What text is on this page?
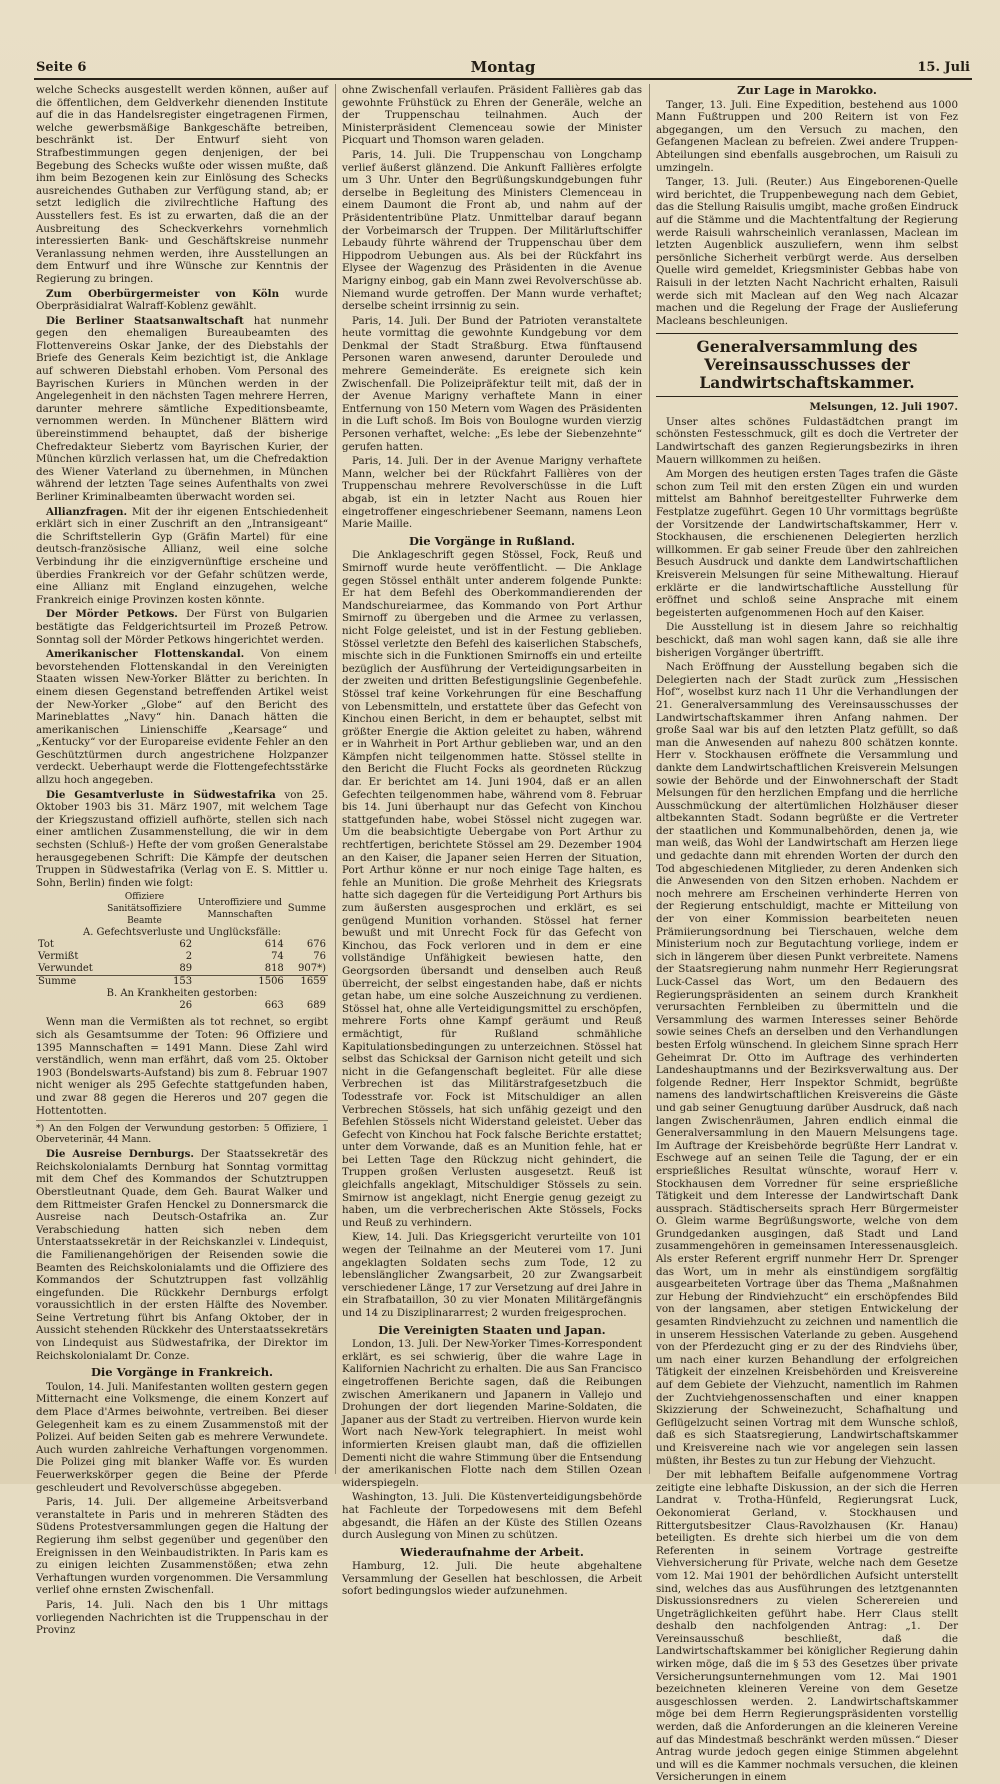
Seite 6	Montag	15. Juli

welche Schecks ausgestellt werden können, außer auf die öffentlichen, dem Geldverkehr dienenden Institute auf die in das Handelsregister eingetragenen Firmen, welche gewerbsmäßige Bankgeschäfte betreiben, beschränkt ist. Der Entwurf sieht von Strafbestimmungen gegen denjenigen, der bei Begebung des Schecks wußte oder wissen mußte, daß ihm beim Bezogenen kein zur Einlösung des Schecks ausreichendes Guthaben zur Verfügung stand, ab; er setzt lediglich die zivilrechtliche Haftung des Ausstellers fest. Es ist zu erwarten, daß die an der Ausbreitung des Scheckverkehrs vornehmlich interessierten Bank- und Geschäftskreise nunmehr Veranlassung nehmen werden, ihre Ausstellungen an dem Entwurf und ihre Wünsche zur Kenntnis der Regierung zu bringen.

Zum Oberbürgermeister von Köln wurde Oberpräsidialrat Walraff-Koblenz gewählt.

Die Berliner Staatsanwaltschaft hat nunmehr gegen den ehemaligen Bureaubeamten des Flottenvereins Oskar Janke, der des Diebstahls der Briefe des Generals Keim bezichtigt ist, die Anklage auf schweren Diebstahl erhoben. Vom Personal des Bayrischen Kuriers in München werden in der Angelegenheit in den nächsten Tagen mehrere Herren, darunter mehrere sämtliche Expeditionsbeamte, vernommen werden. In Münchener Blättern wird übereinstimmend behauptet, daß der bisherige Chefredakteur Siebertz vom Bayrischen Kurier, der München kürzlich verlassen hat, um die Chefredaktion des Wiener Vaterland zu übernehmen, in München während der letzten Tage seines Aufenthalts von zwei Berliner Kriminalbeamten überwacht worden sei.

Allianzfragen. Mit der ihr eigenen Entschiedenheit erklärt sich in einer Zuschrift an den „Intransigeant“ die Schriftstellerin Gyp (Gräfin Martel) für eine deutsch-französische Allianz, weil eine solche Verbindung ihr die einzigvernünftige erscheine und überdies Frankreich vor der Gefahr schützen werde, eine Allianz mit England einzugehen, welche Frankreich einige Provinzen kosten könnte.

Der Mörder Petkows. Der Fürst von Bulgarien bestätigte das Feldgerichtsurteil im Prozeß Petrow. Sonntag soll der Mörder Petkows hingerichtet werden.

Amerikanischer Flottenskandal. Von einem bevorstehenden Flottenskandal in den Vereinigten Staaten wissen New-Yorker Blätter zu berichten. In einem diesen Gegenstand betreffenden Artikel weist der New-Yorker „Globe“ auf den Bericht des Marineblattes „Navy“ hin. Danach hätten die amerikanischen Linienschiffe „Kearsage“ und „Kentucky“ vor der Europareise evidente Fehler an den Geschütztürmen durch angestrichene Holzpanzer verdeckt. Ueberhaupt werde die Flottengefechtsstärke allzu hoch angegeben.

Die Gesamtverluste in Südwestafrika von 25. Oktober 1903 bis 31. März 1907, mit welchem Tage der Kriegszustand offiziell aufhörte, stellen sich nach einer amtlichen Zusammenstellung, die wir in dem sechsten (Schluß-) Hefte der vom großen Generalstabe herausgegebenen Schrift: Die Kämpfe der deutschen Truppen in Südwestafrika (Verlag von E. S. Mittler u. Sohn, Berlin) finden wie folgt:

	Offiziere Sanitätsoffiziere Beamte	Unteroffiziere und Mannschaften	Summe
A. Gefechtsverluste und Unglücksfälle:			
Tot	62	614	676
Vermißt	2	74	76
Verwundet	89	818	907*)
Summe	153	1506	1659
B. An Krankheiten gestorben:			
	26	663	689

Wenn man die Vermißten als tot rechnet, so ergibt sich als Gesamtsumme der Toten: 96 Offiziere und 1395 Mannschaften = 1491 Mann. Diese Zahl wird verständlich, wenn man erfährt, daß vom 25. Oktober 1903 (Bondelswarts-Aufstand) bis zum 8. Februar 1907 nicht weniger als 295 Gefechte stattgefunden haben, und zwar 88 gegen die Hereros und 207 gegen die Hottentotten.

*) An den Folgen der Verwundung gestorben: 5 Offiziere, 1 Oberveterinär, 44 Mann.

Die Ausreise Dernburgs. Der Staatssekretär des Reichskolonialamts Dernburg hat Sonntag vormittag mit dem Chef des Kommandos der Schutztruppen Oberstleutnant Quade, dem Geh. Baurat Walker und dem Rittmeister Grafen Henckel zu Donnersmarck die Ausreise nach Deutsch-Ostafrika an. Zur Verabschiedung hatten sich neben dem Unterstaatssekretär in der Reichskanzlei v. Lindequist, die Familienangehörigen der Reisenden sowie die Beamten des Reichskolonialamts und die Offiziere des Kommandos der Schutztruppen fast vollzählig eingefunden. Die Rückkehr Dernburgs erfolgt voraussichtlich in der ersten Hälfte des November. Seine Vertretung führt bis Anfang Oktober, der in Aussicht stehenden Rückkehr des Unterstaatssekretärs von Lindequist aus Südwestafrika, der Direktor im Reichskolonialamt Dr. Conze.

Die Vorgänge in Frankreich.

Toulon, 14. Juli. Manifestanten wollten gestern gegen Mitternacht eine Volksmenge, die einem Konzert auf dem Place d'Armes beiwohnte, vertreiben. Bei dieser Gelegenheit kam es zu einem Zusammenstoß mit der Polizei. Auf beiden Seiten gab es mehrere Verwundete. Auch wurden zahlreiche Verhaftungen vorgenommen. Die Polizei ging mit blanker Waffe vor. Es wurden Feuerwerkskörper gegen die Beine der Pferde geschleudert und Revolverschüsse abgegeben.

Paris, 14. Juli. Der allgemeine Arbeitsverband veranstaltete in Paris und in mehreren Städten des Südens Protestversammlungen gegen die Haltung der Regierung ihm selbst gegenüber und gegenüber den Ereignissen in den Weinbaudistrikten. In Paris kam es zu einigen leichten Zusammenstößen; etwa zehn Verhaftungen wurden vorgenommen. Die Versammlung verlief ohne ernsten Zwischenfall.

Paris, 14. Juli. Nach den bis 1 Uhr mittags vorliegenden Nachrichten ist die Truppenschau in der Provinz

ohne Zwischenfall verlaufen. Präsident Fallières gab das gewohnte Frühstück zu Ehren der Generäle, welche an der Truppenschau teilnahmen. Auch der Ministerpräsident Clemenceau sowie der Minister Picquart und Thomson waren geladen.

Paris, 14. Juli. Die Truppenschau von Longchamp verlief äußerst glänzend. Die Ankunft Fallières erfolgte um 3 Uhr. Unter den Begrüßungskundgebungen fuhr derselbe in Begleitung des Ministers Clemenceau in einem Daumont die Front ab, und nahm auf der Präsidententribüne Platz. Unmittelbar darauf begann der Vorbeimarsch der Truppen. Der Militärluftschiffer Lebaudy führte während der Truppenschau über dem Hippodrom Uebungen aus. Als bei der Rückfahrt ins Elysee der Wagenzug des Präsidenten in die Avenue Marigny einbog, gab ein Mann zwei Revolverschüsse ab. Niemand wurde getroffen. Der Mann wurde verhaftet; derselbe scheint irrsinnig zu sein.

Paris, 14. Juli. Der Bund der Patrioten veranstaltete heute vormittag die gewohnte Kundgebung vor dem Denkmal der Stadt Straßburg. Etwa fünftausend Personen waren anwesend, darunter Deroulede und mehrere Gemeinderäte. Es ereignete sich kein Zwischenfall. Die Polizeipräfektur teilt mit, daß der in der Avenue Marigny verhaftete Mann in einer Entfernung von 150 Metern vom Wagen des Präsidenten in die Luft schoß. Im Bois von Boulogne wurden vierzig Personen verhaftet, welche: „Es lebe der Siebenzehnte“ gerufen hatten.

Paris, 14. Juli. Der in der Avenue Marigny verhaftete Mann, welcher bei der Rückfahrt Fallières von der Truppenschau mehrere Revolverschüsse in die Luft abgab, ist ein in letzter Nacht aus Rouen hier eingetroffener eingeschriebener Seemann, namens Leon Marie Maille.

Die Vorgänge in Rußland.

Die Anklageschrift gegen Stössel, Fock, Reuß und Smirnoff wurde heute veröffentlicht. — Die Anklage gegen Stössel enthält unter anderem folgende Punkte: Er hat dem Befehl des Oberkommandierenden der Mandschureiarmee, das Kommando von Port Arthur Smirnoff zu übergeben und die Armee zu verlassen, nicht Folge geleistet, und ist in der Festung geblieben. Stössel verletzte den Befehl des kaiserlichen Stabschefs, mischte sich in die Funktionen Smirnoffs ein und erteilte bezüglich der Ausführung der Verteidigungsarbeiten in der zweiten und dritten Befestigungslinie Gegenbefehle. Stössel traf keine Vorkehrungen für eine Beschaffung von Lebensmitteln, und erstattete über das Gefecht von Kinchou einen Bericht, in dem er behauptet, selbst mit größter Energie die Aktion geleitet zu haben, während er in Wahrheit in Port Arthur geblieben war, und an den Kämpfen nicht teilgenommen hatte. Stössel stellte in den Bericht die Flucht Focks als geordneten Rückzug dar. Er berichtet am 14. Juni 1904, daß er an allen Gefechten teilgenommen habe, während vom 8. Februar bis 14. Juni überhaupt nur das Gefecht von Kinchou stattgefunden habe, wobei Stössel nicht zugegen war. Um die beabsichtigte Uebergabe von Port Arthur zu rechtfertigen, berichtete Stössel am 29. Dezember 1904 an den Kaiser, die Japaner seien Herren der Situation, Port Arthur könne er nur noch einige Tage halten, es fehle an Munition. Die große Mehrheit des Kriegsrats hatte sich dagegen für die Verteidigung Port Arthurs bis zum äußersten ausgesprochen und erklärt, es sei genügend Munition vorhanden. Stössel hat ferner bewußt und mit Unrecht Fock für das Gefecht von Kinchou, das Fock verloren und in dem er eine vollständige Unfähigkeit bewiesen hatte, den Georgsorden übersandt und denselben auch Reuß überreicht, der selbst eingestanden habe, daß er nichts getan habe, um eine solche Auszeichnung zu verdienen. Stössel hat, ohne alle Verteidigungsmittel zu erschöpfen, mehrere Forts ohne Kampf geräumt und Reuß ermächtigt, für Rußland schmähliche Kapitulationsbedingungen zu unterzeichnen. Stössel hat selbst das Schicksal der Garnison nicht geteilt und sich nicht in die Gefangenschaft begleitet. Für alle diese Verbrechen ist das Militärstrafgesetzbuch die Todesstrafe vor. Fock ist Mitschuldiger an allen Verbrechen Stössels, hat sich unfähig gezeigt und den Befehlen Stössels nicht Widerstand geleistet. Ueber das Gefecht von Kinchou hat Fock falsche Berichte erstattet; unter dem Vorwande, daß es an Munition fehle, hat er bei Letten Tage den Rückzug nicht gehindert, die Truppen großen Verlusten ausgesetzt. Reuß ist gleichfalls angeklagt, Mitschuldiger Stössels zu sein. Smirnow ist angeklagt, nicht Energie genug gezeigt zu haben, um die verbrecherischen Akte Stössels, Focks und Reuß zu verhindern.

Kiew, 14. Juli. Das Kriegsgericht verurteilte von 101 wegen der Teilnahme an der Meuterei vom 17. Juni angeklagten Soldaten sechs zum Tode, 12 zu lebenslänglicher Zwangsarbeit, 20 zur Zwangsarbeit verschiedener Länge, 17 zur Versetzung auf drei Jahre in ein Strafbataillon, 30 zu vier Monaten Militärgefängnis und 14 zu Disziplinararrest; 2 wurden freigesprochen.

Die Vereinigten Staaten und Japan.

London, 13. Juli. Der New-Yorker Times-Korrespondent erklärt, es sei schwierig, über die wahre Lage in Kalifornien Nachricht zu erhalten. Die aus San Francisco eingetroffenen Berichte sagen, daß die Reibungen zwischen Amerikanern und Japanern in Vallejo und Drohungen der dort liegenden Marine-Soldaten, die Japaner aus der Stadt zu vertreiben. Hiervon wurde kein Wort nach New-York telegraphiert. In meist wohl informierten Kreisen glaubt man, daß die offiziellen Dementi nicht die wahre Stimmung über die Entsendung der amerikanischen Flotte nach dem Stillen Ozean widerspiegeln.

Washington, 13. Juli. Die Küstenverteidigungsbehörde hat Fachleute der Torpedowesens mit dem Befehl abgesandt, die Häfen an der Küste des Stillen Ozeans durch Auslegung von Minen zu schützen.

Wiederaufnahme der Arbeit.

Hamburg, 12. Juli. Die heute abgehaltene Versammlung der Gesellen hat beschlossen, die Arbeit sofort bedingungslos wieder aufzunehmen.

Zur Lage in Marokko.

Tanger, 13. Juli. Eine Expedition, bestehend aus 1000 Mann Fußtruppen und 200 Reitern ist von Fez abgegangen, um den Versuch zu machen, den Gefangenen Maclean zu befreien. Zwei andere Truppen-Abteilungen sind ebenfalls ausgebrochen, um Raisuli zu umzingeln.

Tanger, 13. Juli. (Reuter.) Aus Eingeborenen-Quelle wird berichtet, die Truppenbewegung nach dem Gebiet, das die Stellung Raisulis umgibt, mache großen Eindruck auf die Stämme und die Machtentfaltung der Regierung werde Raisuli wahrscheinlich veranlassen, Maclean im letzten Augenblick auszuliefern, wenn ihm selbst persönliche Sicherheit verbürgt werde. Aus derselben Quelle wird gemeldet, Kriegsminister Gebbas habe von Raisuli in der letzten Nacht Nachricht erhalten, Raisuli werde sich mit Maclean auf den Weg nach Alcazar machen und die Regelung der Frage der Auslieferung Macleans beschleunigen.

Generalversammlung des Vereinsausschusses der Landwirtschaftskammer.
Melsungen, 12. Juli 1907.

Unser altes schönes Fuldastädtchen prangt im schönsten Festesschmuck, gilt es doch die Vertreter der Landwirtschaft des ganzen Regierungsbezirks in ihren Mauern willkommen zu heißen.

Am Morgen des heutigen ersten Tages trafen die Gäste schon zum Teil mit den ersten Zügen ein und wurden mittelst am Bahnhof bereitgestellter Fuhrwerke dem Festplatze zugeführt. Gegen 10 Uhr vormittags begrüßte der Vorsitzende der Landwirtschaftskammer, Herr v. Stockhausen, die erschienenen Delegierten herzlich willkommen. Er gab seiner Freude über den zahlreichen Besuch Ausdruck und dankte dem Landwirtschaftlichen Kreisverein Melsungen für seine Mithewaltung. Hierauf erklärte er die landwirtschaftliche Ausstellung für eröffnet und schloß seine Ansprache mit einem begeisterten aufgenommenen Hoch auf den Kaiser.

Die Ausstellung ist in diesem Jahre so reichhaltig beschickt, daß man wohl sagen kann, daß sie alle ihre bisherigen Vorgänger übertrifft.

Nach Eröffnung der Ausstellung begaben sich die Delegierten nach der Stadt zurück zum „Hessischen Hof“, woselbst kurz nach 11 Uhr die Verhandlungen der 21. Generalversammlung des Vereinsausschusses der Landwirtschaftskammer ihren Anfang nahmen. Der große Saal war bis auf den letzten Platz gefüllt, so daß man die Anwesenden auf nahezu 800 schätzen konnte. Herr v. Stockhausen eröffnete die Versammlung und dankte dem Landwirtschaftlichen Kreisverein Melsungen sowie der Behörde und der Einwohnerschaft der Stadt Melsungen für den herzlichen Empfang und die herrliche Ausschmückung der altertümlichen Holzhäuser dieser altbekannten Stadt. Sodann begrüßte er die Vertreter der staatlichen und Kommunalbehörden, denen ja, wie man weiß, das Wohl der Landwirtschaft am Herzen liege und gedachte dann mit ehrenden Worten der durch den Tod abgeschiedenen Mitglieder, zu deren Andenken sich die Anwesenden von den Sitzen erhoben. Nachdem er noch mehrere am Erscheinen verhinderte Herren von der Regierung entschuldigt, machte er Mitteilung von der von einer Kommission bearbeiteten neuen Prämiierungsordnung bei Tierschauen, welche dem Ministerium noch zur Begutachtung vorliege, indem er sich in längerem über diesen Punkt verbreitete. Namens der Staatsregierung nahm nunmehr Herr Regierungsrat Luck-Cassel das Wort, um den Bedauern des Regierungspräsidenten an seinem durch Krankheit verursachten Fernbleiben zu übermitteln und die Versammlung des warmen Interesses seiner Behörde sowie seines Chefs an derselben und den Verhandlungen besten Erfolg wünschend. In gleichem Sinne sprach Herr Geheimrat Dr. Otto im Auftrage des verhinderten Landeshauptmanns und der Bezirksverwaltung aus. Der folgende Redner, Herr Inspektor Schmidt, begrüßte namens des landwirtschaftlichen Kreisvereins die Gäste und gab seiner Genugtuung darüber Ausdruck, daß nach langen Zwischenräumen, Jahren endlich einmal die Generalversammlung in den Mauern Melsungens tage. Im Auftrage der Kreisbehörde begrüßte Herr Landrat v. Eschwege auf an seinen Teile die Tagung, der er ein ersprießliches Resultat wünschte, worauf Herr v. Stockhausen dem Vorredner für seine ersprießliche Tätigkeit und dem Interesse der Landwirtschaft Dank aussprach. Städtischerseits sprach Herr Bürgermeister O. Gleim warme Begrüßungsworte, welche von dem Grundgedanken ausgingen, daß Stadt und Land zusammengehören in gemeinsamen Interessenausgleich. Als erster Referent ergriff nunmehr Herr Dr. Sprenger das Wort, um in mehr als einstündigem sorgfältig ausgearbeiteten Vortrage über das Thema „Maßnahmen zur Hebung der Rindviehzucht“ ein erschöpfendes Bild von der langsamen, aber stetigen Entwickelung der gesamten Rindviehzucht zu zeichnen und namentlich die in unserem Hessischen Vaterlande zu geben. Ausgehend von der Pferdezucht ging er zu der des Rindviehs über, um nach einer kurzen Behandlung der erfolgreichen Tätigkeit der einzelnen Kreisbehörden und Kreisvereine auf dem Gebiete der Viehzucht, namentlich im Rahmen der Zuchtviehgenossenschaften und einer knappen Skizzierung der Schweinezucht, Schafhaltung und Geflügelzucht seinen Vortrag mit dem Wunsche schloß, daß es sich Staatsregierung, Landwirtschaftskammer und Kreisvereine nach wie vor angelegen sein lassen müßten, ihr Bestes zu tun zur Hebung der Viehzucht.

Der mit lebhaftem Beifalle aufgenommene Vortrag zeitigte eine lebhafte Diskussion, an der sich die Herren Landrat v. Trotha-Hünfeld, Regierungsrat Luck, Oekonomierat Gerland, v. Stockhausen und Rittergutsbesitzer Claus-Ravolzhausen (Kr. Hanau) beteiligten. Es drehte sich hierbei um die von dem Referenten in seinem Vortrage gestreifte Viehversicherung für Private, welche nach dem Gesetze vom 12. Mai 1901 der behördlichen Aufsicht unterstellt sind, welches das aus Ausführungen des letztgenannten Diskussionsredners zu vielen Scherereien und Ungeträglichkeiten geführt habe. Herr Claus stellt deshalb den nachfolgenden Antrag: „1. Der Vereinsausschuß beschließt, daß die Landwirtschaftskammer bei königlicher Regierung dahin wirken möge, daß die im § 53 des Gesetzes über private Versicherungsunternehmungen vom 12. Mai 1901 bezeichneten kleineren Vereine von dem Gesetze ausgeschlossen werden. 2. Landwirtschaftskammer möge bei dem Herrn Regierungspräsidenten vorstellig werden, daß die Anforderungen an die kleineren Vereine auf das Mindestmaß beschränkt werden müssen.“ Dieser Antrag wurde jedoch gegen einige Stimmen abgelehnt und will es die Kammer nochmals versuchen, die kleinen Versicherungen in einem
